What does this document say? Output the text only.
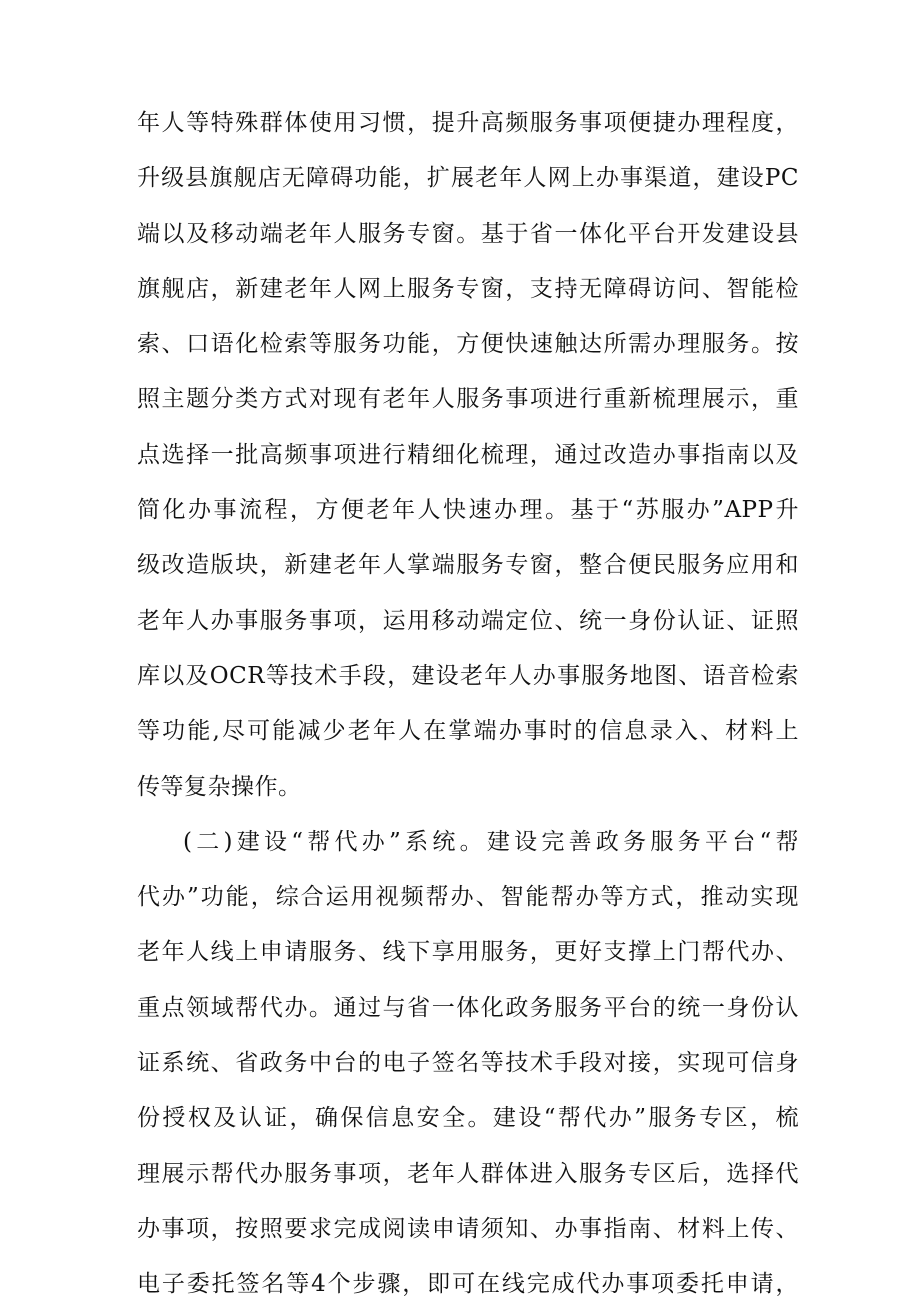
年人等特殊群体使用习惯，提升高频服务事项便捷办理程度，
升级县旗舰店无障碍功能，扩展老年人网上办事渠道，建设PC
端以及移动端老年人服务专窗。基于省一体化平台开发建设县
旗舰店，新建老年人网上服务专窗，支持无障碍访问、智能检
索、口语化检索等服务功能，方便快速触达所需办理服务。按
照主题分类方式对现有老年人服务事项进行重新梳理展示，重
点选择一批高频事项进行精细化梳理，通过改造办事指南以及
简化办事流程，方便老年人快速办理。基于“苏服办”APP升
级改造版块，新建老年人掌端服务专窗，整合便民服务应用和
老年人办事服务事项，运用移动端定位、统一身份认证、证照
库以及OCR等技术手段，建设老年人办事服务地图、语音检索
等功能,尽可能减少老年人在掌端办事时的信息录入、材料上
传等复杂操作。
(二)建设“帮代办”系统。建设完善政务服务平台“帮
代办”功能，综合运用视频帮办、智能帮办等方式，推动实现
老年人线上申请服务、线下享用服务，更好支撑上门帮代办、
重点领域帮代办。通过与省一体化政务服务平台的统一身份认
证系统、省政务中台的电子签名等技术手段对接，实现可信身
份授权及认证，确保信息安全。建设“帮代办”服务专区，梳
理展示帮代办服务事项，老年人群体进入服务专区后，选择代
办事项，按照要求完成阅读申请须知、办事指南、材料上传、
电子委托签名等4个步骤，即可在线完成代办事项委托申请，
